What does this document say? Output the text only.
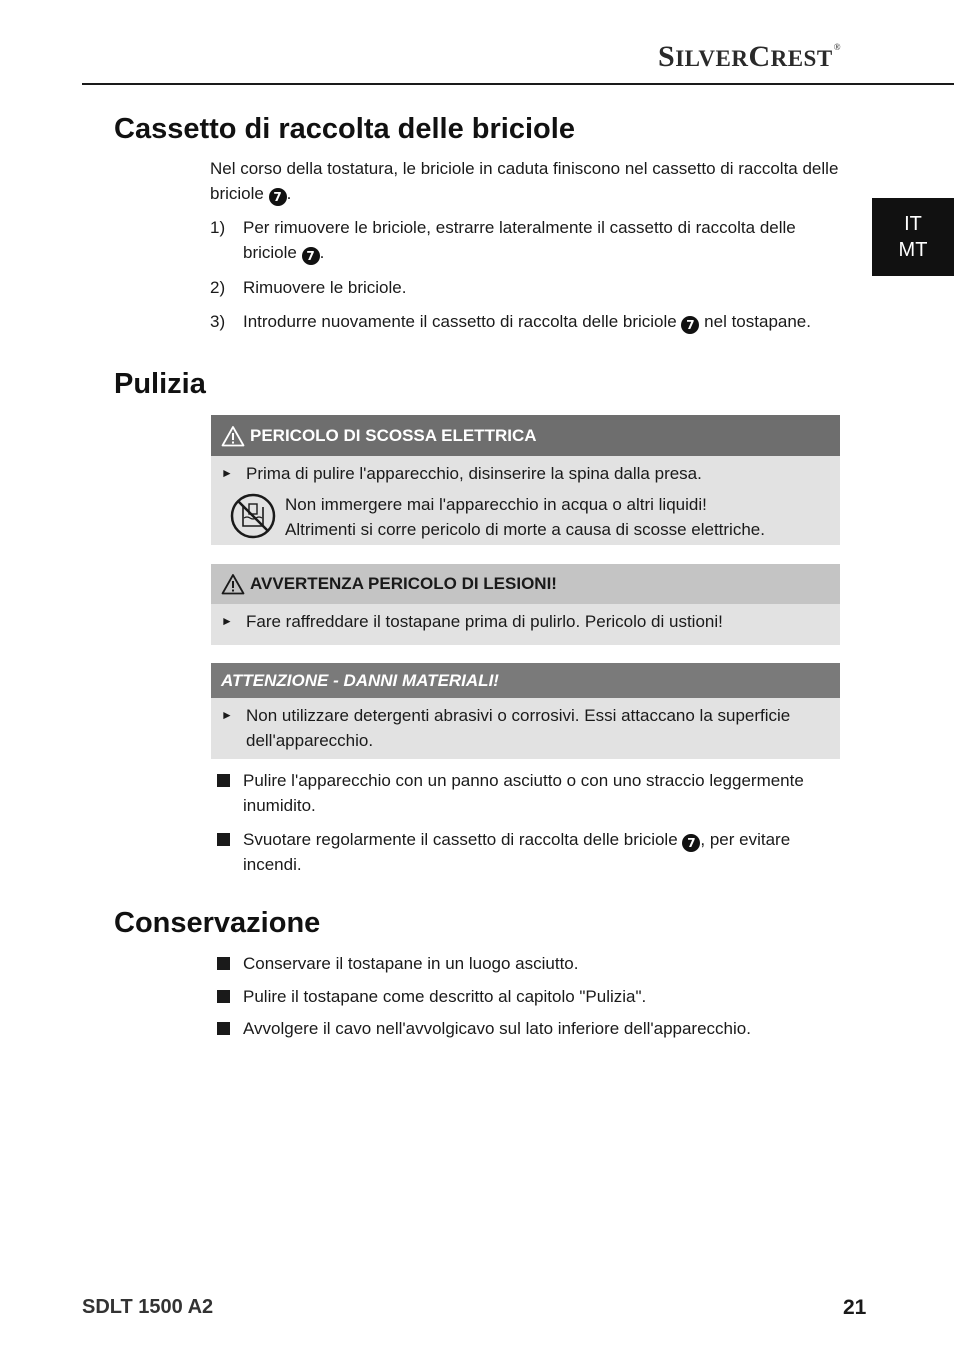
SILVERCREST®
IT
MT
Cassetto di raccolta delle briciole
Nel corso della tostatura, le briciole in caduta finiscono nel cassetto di raccolta delle briciole 7 .
1) Per rimuovere le briciole, estrarre lateralmente il cassetto di raccolta delle briciole 7 .
2) Rimuovere le briciole.
3) Introdurre nuovamente il cassetto di raccolta delle briciole 7 nel tostapane.
Pulizia
PERICOLO DI SCOSSA ELETTRICA
► Prima di pulire l'apparecchio, disinserire la spina dalla presa.
Non immergere mai l'apparecchio in acqua o altri liquidi!
Altrimenti si corre pericolo di morte a causa di scosse elettriche.
AVVERTENZA PERICOLO DI LESIONI!
► Fare raffreddare il tostapane prima di pulirlo. Pericolo di ustioni!
ATTENZIONE - DANNI MATERIALI!
► Non utilizzare detergenti abrasivi o corrosivi. Essi attaccano la superficie dell'apparecchio.
Pulire l'apparecchio con un panno asciutto o con uno straccio leggermente inumidito.
Svuotare regolarmente il cassetto di raccolta delle briciole 7 , per evitare incendi.
Conservazione
Conservare il tostapane in un luogo asciutto.
Pulire il tostapane come descritto al capitolo "Pulizia".
Avvolgere il cavo nell'avvolgicavo sul lato inferiore dell'apparecchio.
SDLT 1500 A2	21
